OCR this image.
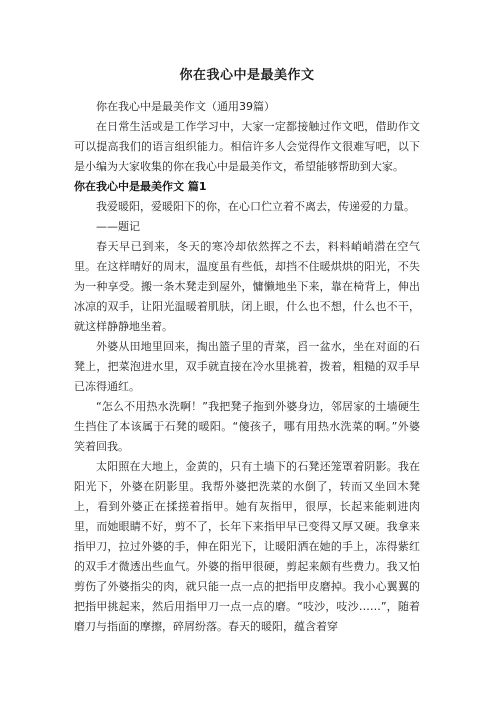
你在我心中是最美作文

你在我心中是最美作文（通用39篇）

在日常生活或是工作学习中，大家一定都接触过作文吧，借助作文可以提高我们的语言组织能力。相信许多人会觉得作文很难写吧，以下是小编为大家收集的你在我心中是最美作文，希望能够帮助到大家。

你在我心中是最美作文 篇1

我爱暖阳，爱暖阳下的你，在心口伫立着不离去，传递爱的力量。

——题记

春天早已到来，冬天的寒冷却依然挥之不去，料料峭峭潜在空气里。在这样晴好的周末，温度虽有些低，却挡不住暖烘烘的阳光，不失为一种享受。搬一条木凳走到屋外，慵懒地坐下来，靠在椅背上，伸出冰凉的双手，让阳光温暖着肌肤，闭上眼，什么也不想，什么也不干，就这样静静地坐着。

外婆从田地里回来，掏出篮子里的青菜，舀一盆水，坐在对面的石凳上，把菜泡进水里，双手就直接在冷水里挑着，拨着，粗糙的双手早已冻得通红。

“怎么不用热水洗啊！”我把凳子拖到外婆身边，邻居家的土墙硬生生挡住了本该属于石凳的暖阳。“傻孩子，哪有用热水洗菜的啊。”外婆笑着回我。

太阳照在大地上，金黄的，只有土墙下的石凳还笼罩着阴影。我在阳光下，外婆在阴影里。我帮外婆把洗菜的水倒了，转而又坐回木凳上，看到外婆正在揉搓着指甲。她有灰指甲，很厚，长起来能刺进肉里，而她眼睛不好，剪不了，长年下来指甲早已变得又厚又硬。我拿来指甲刀，拉过外婆的手，伸在阳光下，让暖阳洒在她的手上，冻得紫红的双手才微透出些血气。外婆的指甲很硬，剪起来颇有些费力。我又怕剪伤了外婆指尖的肉，就只能一点一点的把指甲皮磨掉。我小心翼翼的把指甲挑起来，然后用指甲刀一点一点的磨。“吱沙，吱沙……”，随着磨刀与指面的摩擦，碎屑纷落。春天的暖阳，蕴含着穿
